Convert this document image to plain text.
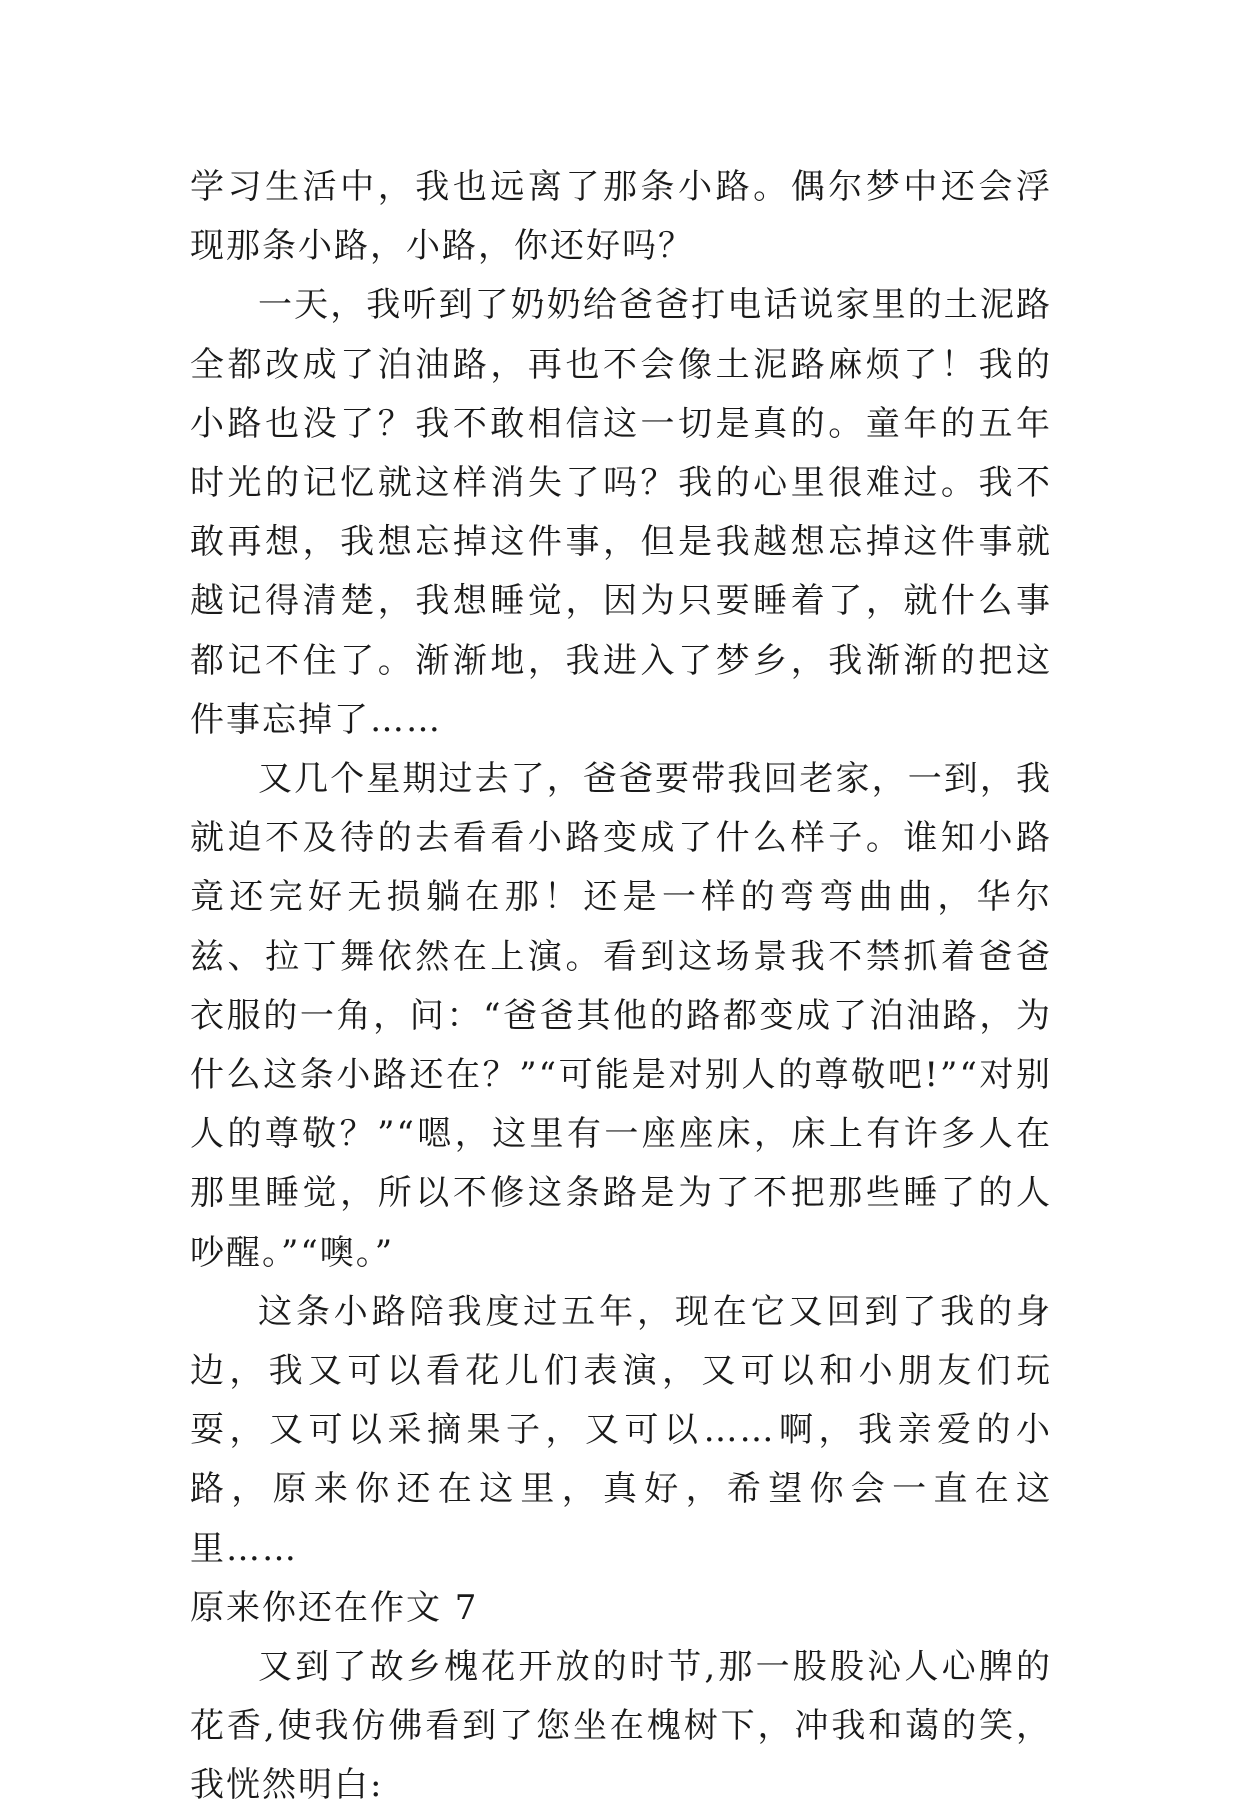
学习生活中，我也远离了那条小路。偶尔梦中还会浮现那条小路，小路，你还好吗？

一天，我听到了奶奶给爸爸打电话说家里的土泥路全都改成了泊油路，再也不会像土泥路麻烦了！我的小路也没了？我不敢相信这一切是真的。童年的五年时光的记忆就这样消失了吗？我的心里很难过。我不敢再想，我想忘掉这件事，但是我越想忘掉这件事就越记得清楚，我想睡觉，因为只要睡着了，就什么事都记不住了。渐渐地，我进入了梦乡，我渐渐的把这件事忘掉了……

又几个星期过去了，爸爸要带我回老家，一到，我就迫不及待的去看看小路变成了什么样子。谁知小路竟还完好无损躺在那！还是一样的弯弯曲曲，华尔兹、拉丁舞依然在上演。看到这场景我不禁抓着爸爸衣服的一角，问：“爸爸其他的路都变成了泊油路，为什么这条小路还在？”“可能是对别人的尊敬吧!”“对别人的尊敬？”“嗯，这里有一座座床，床上有许多人在那里睡觉，所以不修这条路是为了不把那些睡了的人吵醒。”“噢。”

这条小路陪我度过五年，现在它又回到了我的身边，我又可以看花儿们表演，又可以和小朋友们玩耍，又可以采摘果子，又可以……啊，我亲爱的小路，原来你还在这里，真好，希望你会一直在这里……

原来你还在作文 7

又到了故乡槐花开放的时节,那一股股沁人心脾的花香,使我仿佛看到了您坐在槐树下，冲我和蔼的笑，我恍然明白:
